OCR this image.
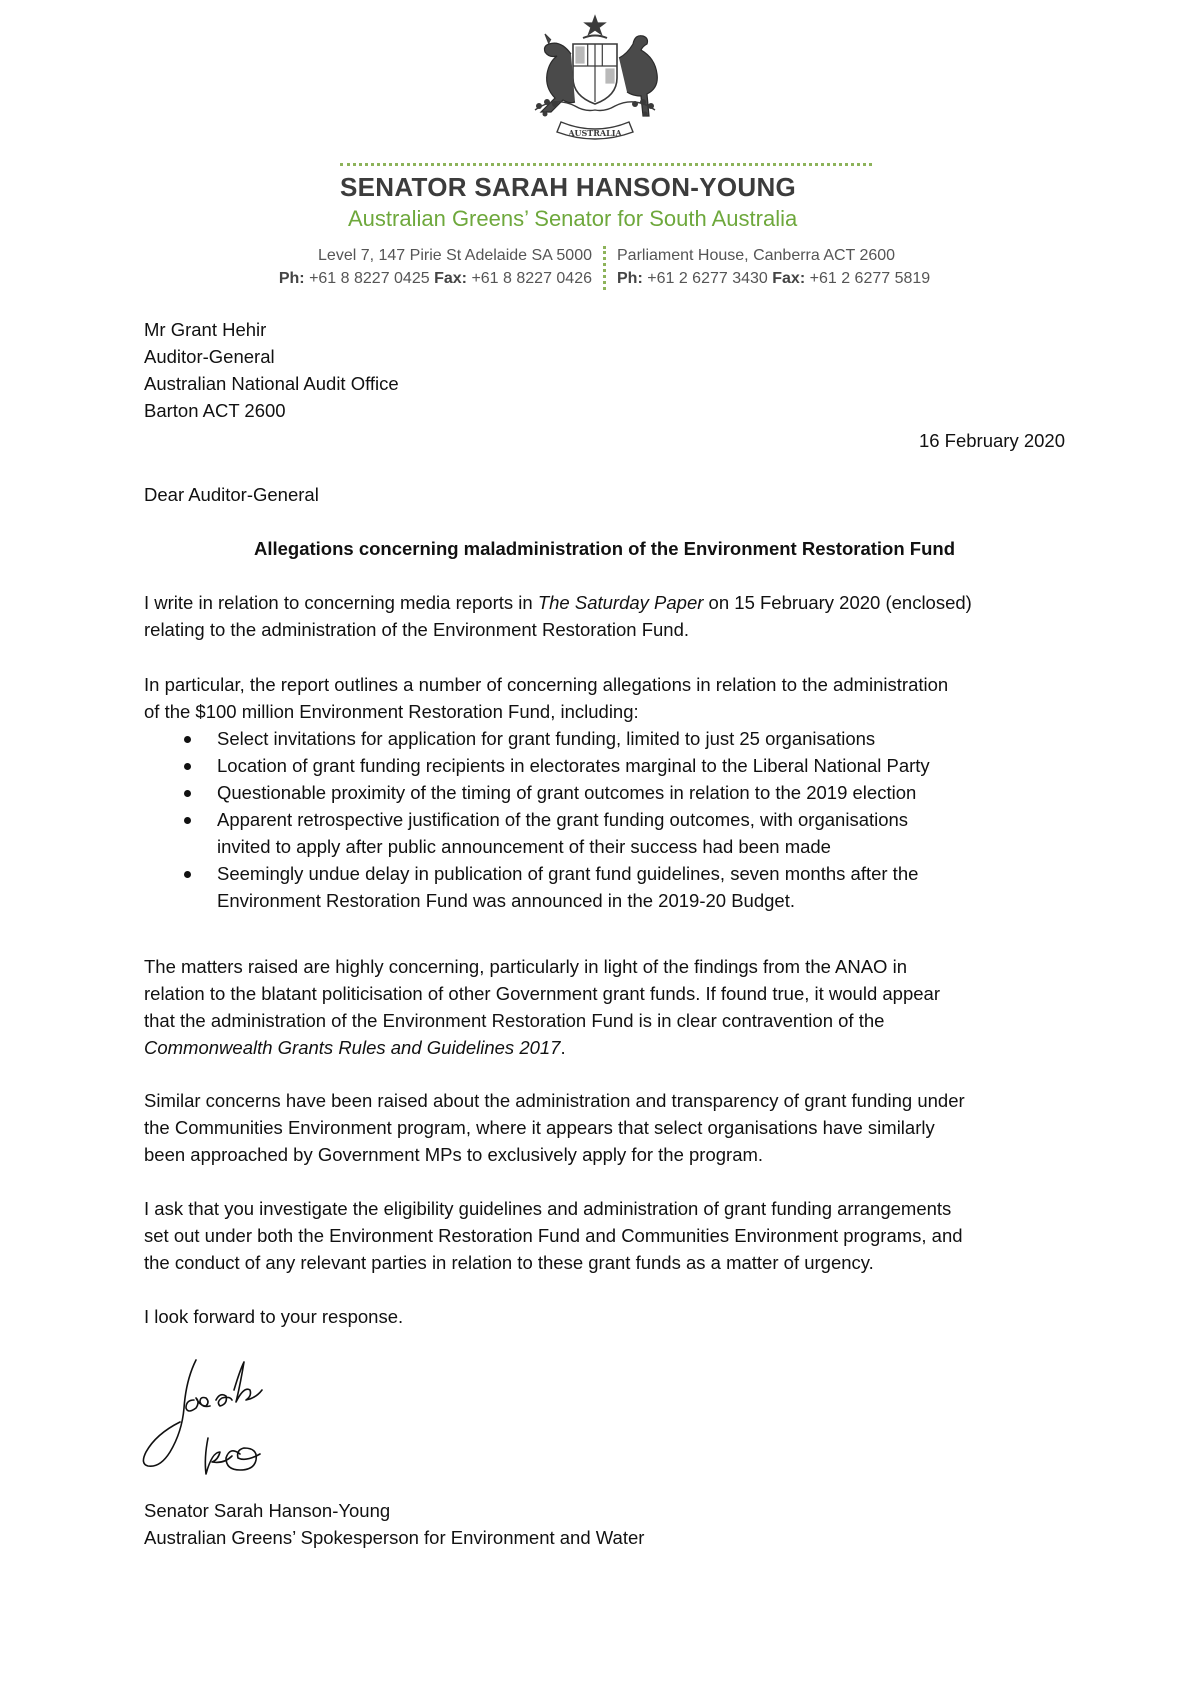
AUSTRALIA
SENATOR SARAH HANSON-YOUNG
Australian Greens’ Senator for South Australia
Level 7, 147 Pirie St Adelaide SA 5000
Ph: +61 8 8227 0425 Fax: +61 8 8227 0426
Parliament House, Canberra ACT 2600
Ph: +61 2 6277 3430 Fax: +61 2 6277 5819
Mr Grant Hehir
Auditor-General
Australian National Audit Office
Barton ACT 2600
16 February 2020
Dear Auditor-General
Allegations concerning maladministration of the Environment Restoration Fund

I write in relation to concerning media reports in The Saturday Paper on 15 February 2020 (enclosed)
relating to the administration of the Environment Restoration Fund.

In particular, the report outlines a number of concerning allegations in relation to the administration
of the $100 million Environment Restoration Fund, including:

Select invitations for application for grant funding, limited to just 25 organisations
Location of grant funding recipients in electorates marginal to the Liberal National Party
Questionable proximity of the timing of grant outcomes in relation to the 2019 election
Apparent retrospective justification of the grant funding outcomes, with organisations
invited to apply after public announcement of their success had been made
Seemingly undue delay in publication of grant fund guidelines, seven months after the
Environment Restoration Fund was announced in the 2019-20 Budget.

The matters raised are highly concerning, particularly in light of the findings from the ANAO in
relation to the blatant politicisation of other Government grant funds. If found true, it would appear
that the administration of the Environment Restoration Fund is in clear contravention of the
Commonwealth Grants Rules and Guidelines 2017.

Similar concerns have been raised about the administration and transparency of grant funding under
the Communities Environment program, where it appears that select organisations have similarly
been approached by Government MPs to exclusively apply for the program.

I ask that you investigate the eligibility guidelines and administration of grant funding arrangements
set out under both the Environment Restoration Fund and Communities Environment programs, and
the conduct of any relevant parties in relation to these grant funds as a matter of urgency.

I look forward to your response.

Senator Sarah Hanson-Young
Australian Greens’ Spokesperson for Environment and Water
